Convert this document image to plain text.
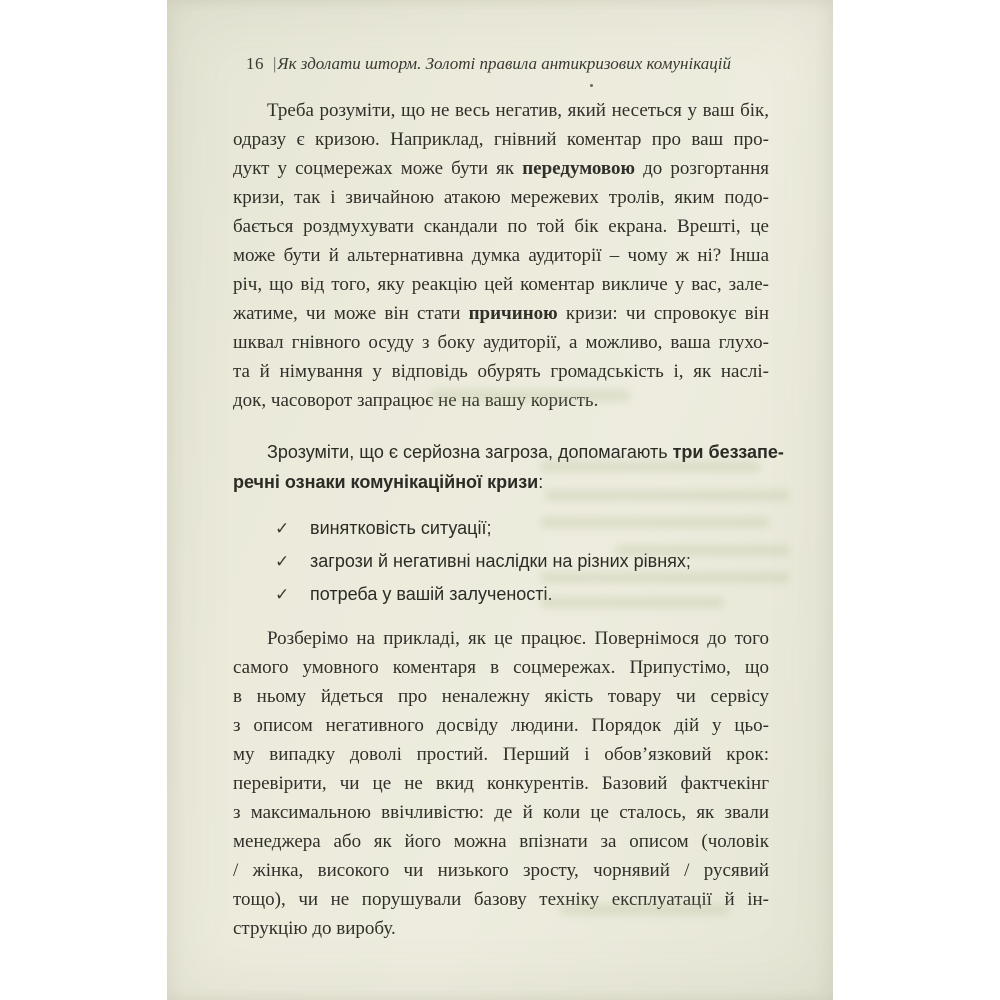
16 |Як здолати шторм. Золоті правила антикризових комунікацій
Треба розуміти, що не весь негатив, який несеться у ваш бік,
одразу є кризою. Наприклад, гнівний коментар про ваш про-
дукт у соцмережах може бути як передумовою до розгортання
кризи, так і звичайною атакою мережевих тролів, яким подо-
бається роздмухувати скандали по той бік екрана. Врешті, це
може бути й альтернативна думка аудиторії – чому ж ні? Інша
річ, що від того, яку реакцію цей коментар викличе у вас, зале-
жатиме, чи може він стати причиною кризи: чи спровокує він
шквал гнівного осуду з боку аудиторії, а можливо, ваша глухо-
та й німування у відповідь обурять громадськість і, як наслі-
док, часоворот запрацює не на вашу користь.
Зрозуміти, що є серйозна загроза, допомагають три беззапе-
речні ознаки комунікаційної кризи:
✓ винятковість ситуації;
✓ загрози й негативні наслідки на різних рівнях;
✓ потреба у вашій залученості.
Розберімо на прикладі, як це працює. Повернімося до того
самого умовного коментаря в соцмережах. Припустімо, що
в ньому йдеться про неналежну якість товару чи сервісу
з описом негативного досвіду людини. Порядок дій у цьо-
му випадку доволі простий. Перший і обов’язковий крок:
перевірити, чи це не вкид конкурентів. Базовий фактчекінг
з максимальною ввічливістю: де й коли це сталось, як звали
менеджера або як його можна впізнати за описом (чоловік
/ жінка, високого чи низького зросту, чорнявий / русявий
тощо), чи не порушували базову техніку експлуатації й ін-
струкцію до виробу.
